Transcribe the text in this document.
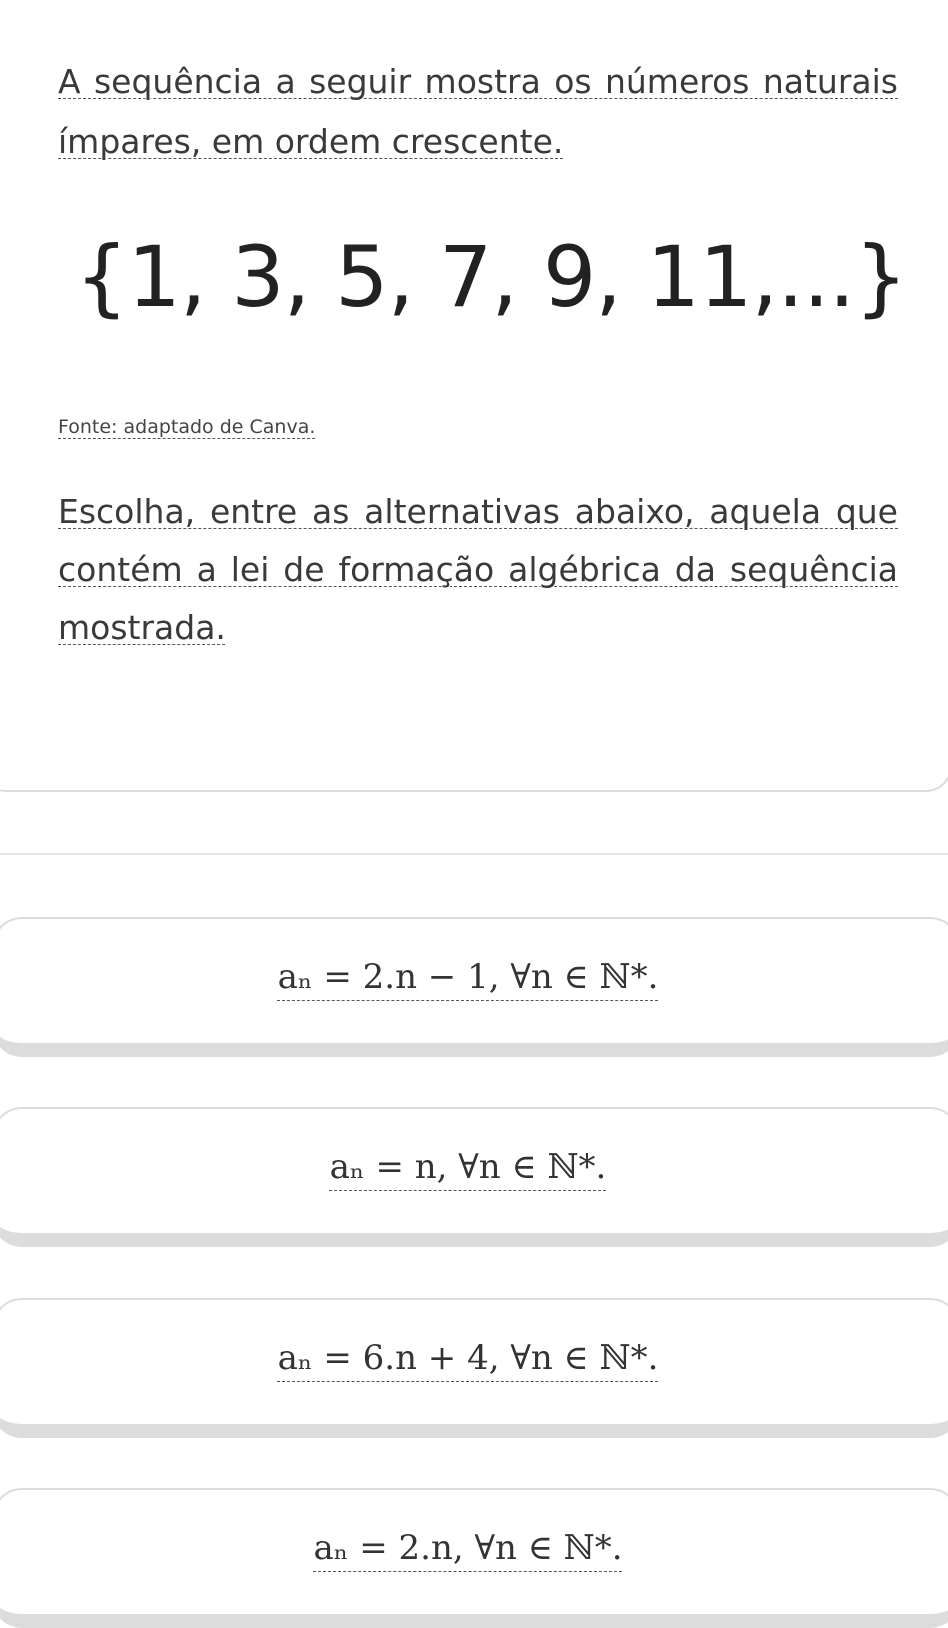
A sequência a seguir mostra os números naturais ímpares, em ordem crescente.
{1, 3, 5, 7, 9, 11,...}
Fonte: adaptado de Canva.
Escolha, entre as alternativas abaixo, aquela que contém a lei de formação algébrica da sequência mostrada.
aₙ = 2.n − 1, ∀n ∈ ℕ*.
aₙ = n, ∀n ∈ ℕ*.
aₙ = 6.n + 4, ∀n ∈ ℕ*.
aₙ = 2.n, ∀n ∈ ℕ*.
